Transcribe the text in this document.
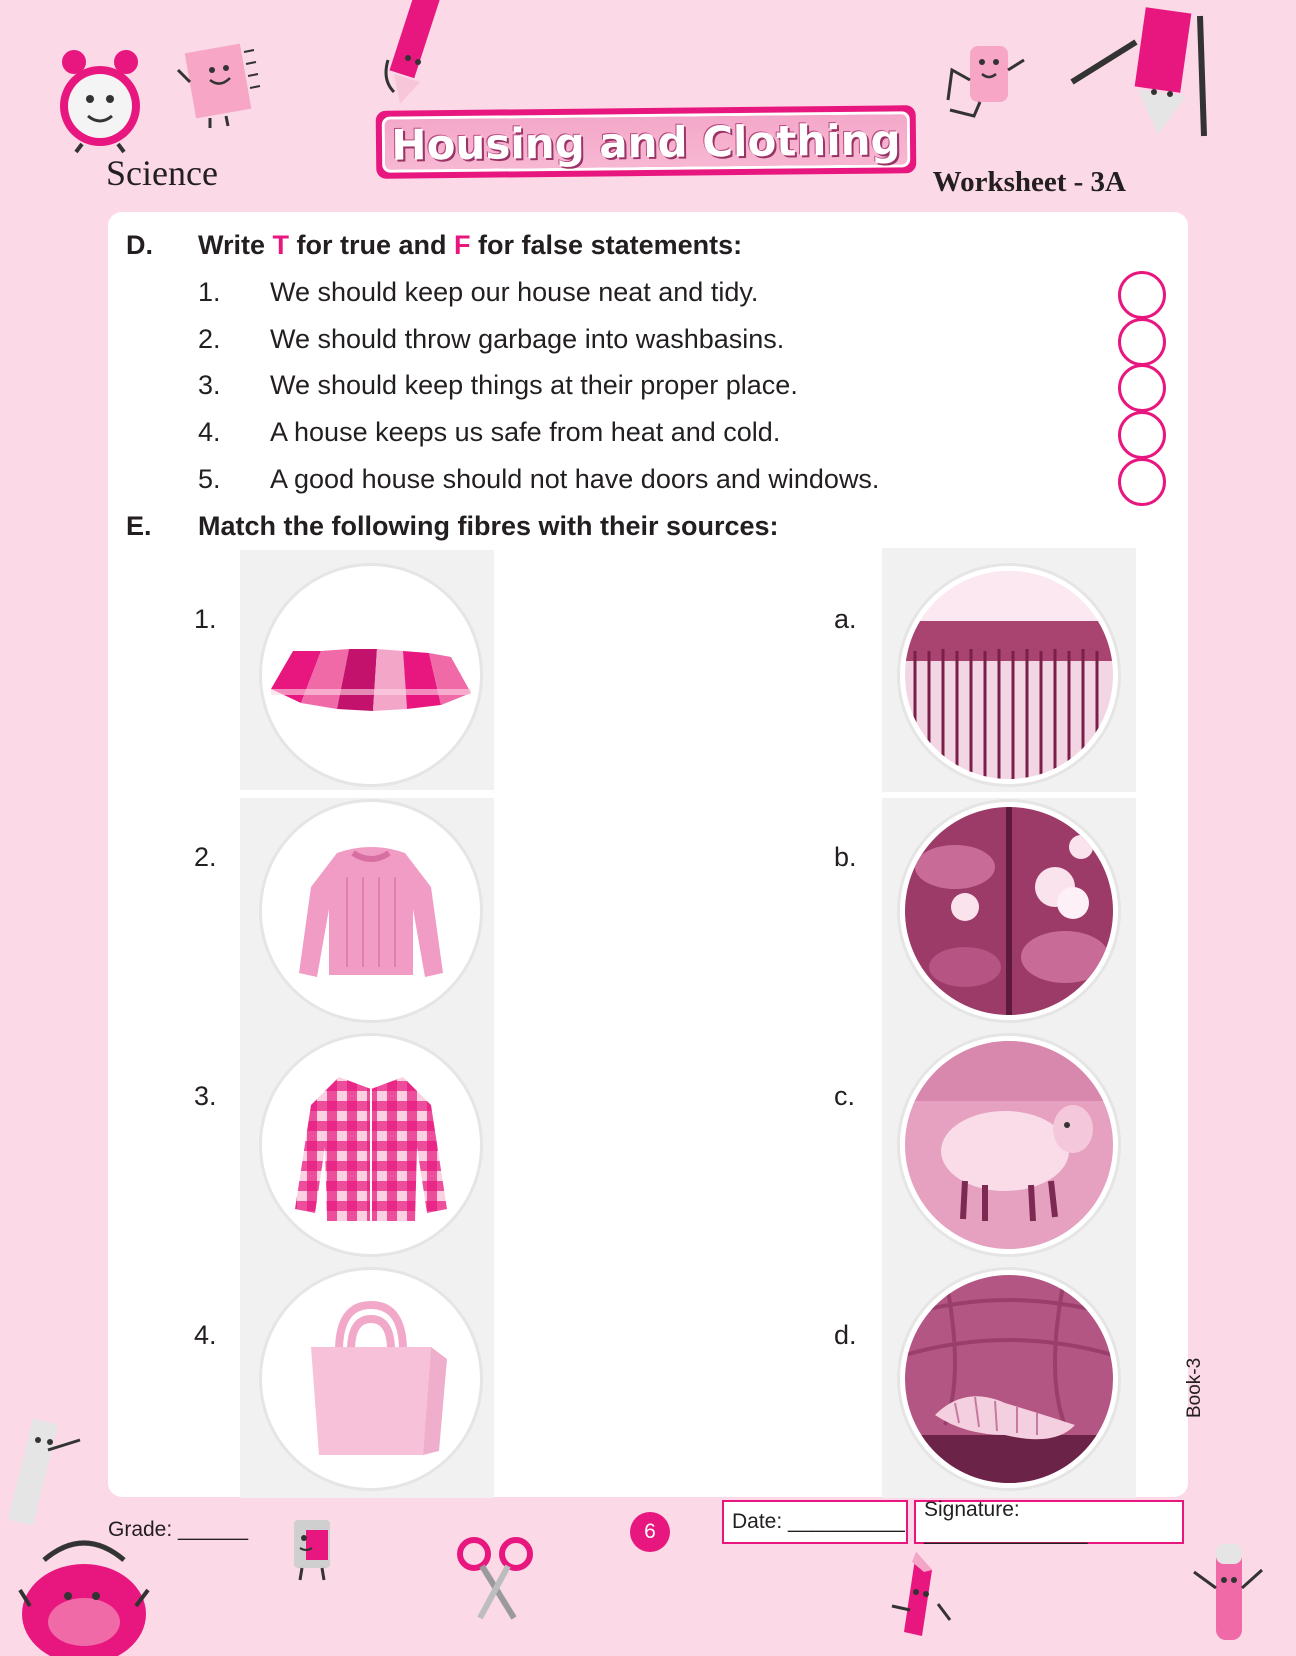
Science
Housing and Clothing
Worksheet - 3A
D. Write T for true and F for false statements:
1. We should keep our house neat and tidy.
2. We should throw garbage into washbasins.
3. We should keep things at their proper place.
4. A house keeps us safe from heat and cold.
5. A good house should not have doors and windows.
E. Match the following fibres with their sources:
1.
2.
3.
4.
a.
b.
c.
d.
Grade: ______	6	Date: __________
Signature: ______________
Book-3
